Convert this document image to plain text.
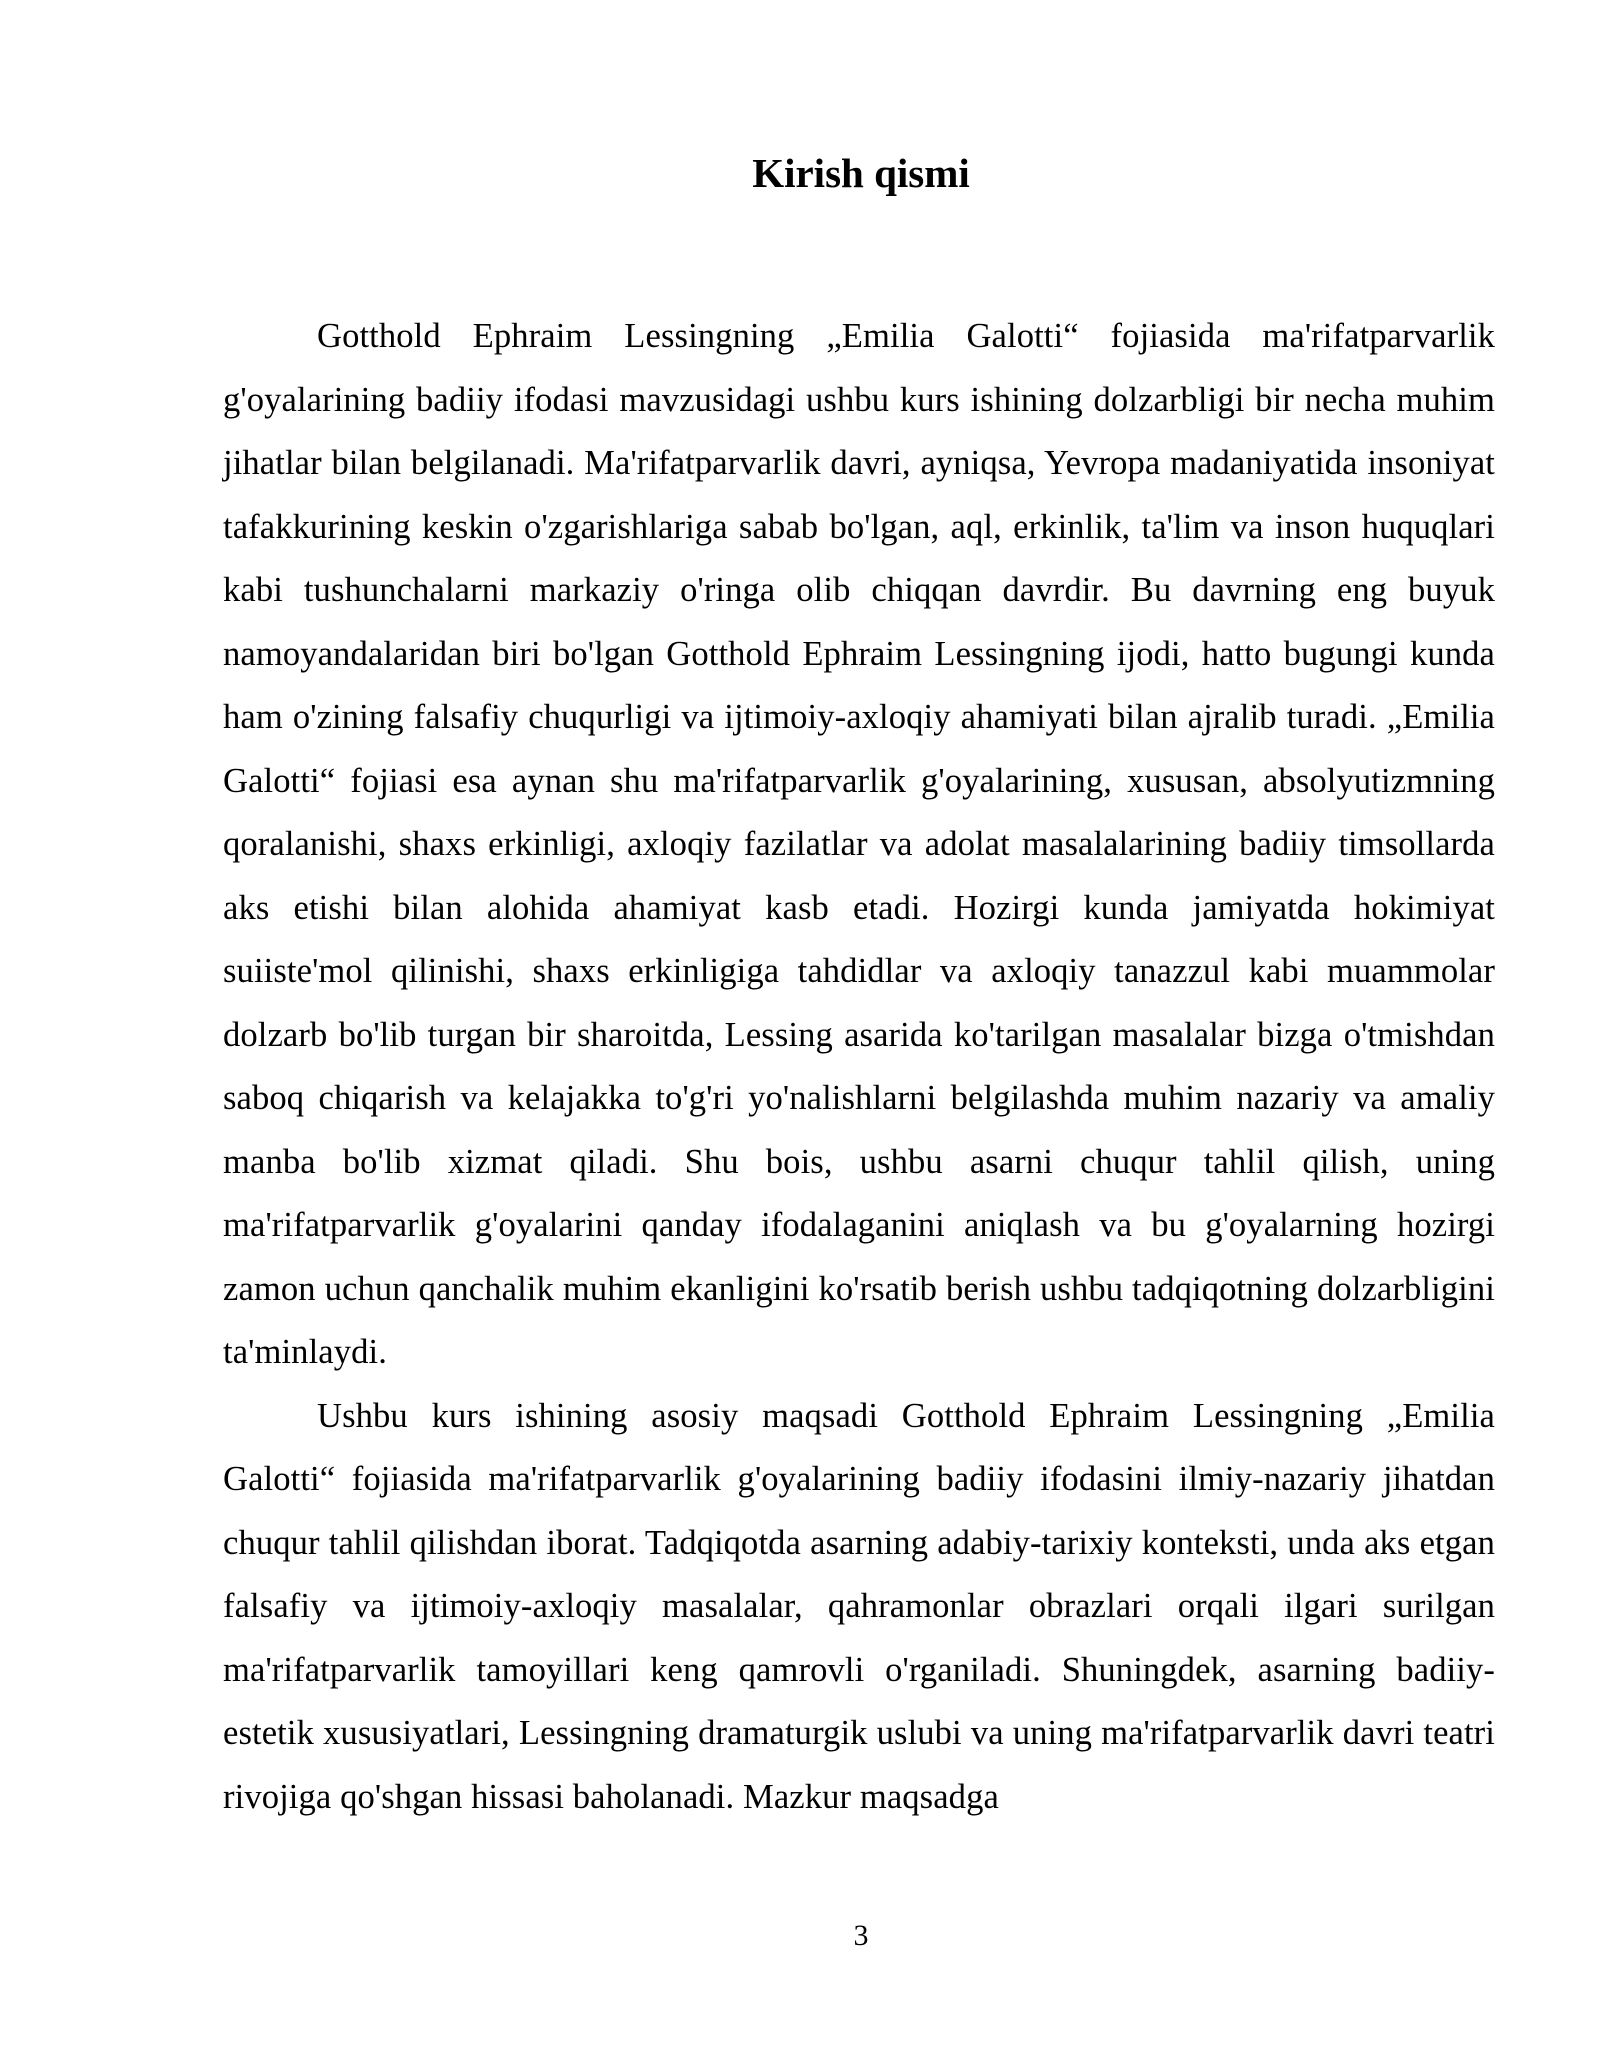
Kirish qismi

Gotthold Ephraim Lessingning „Emilia Galotti“ fojiasida ma'rifatparvarlik g'oyalarining badiiy ifodasi mavzusidagi ushbu kurs ishining dolzarbligi bir necha muhim jihatlar bilan belgilanadi. Ma'rifatparvarlik davri, ayniqsa, Yevropa madaniyatida insoniyat tafakkurining keskin o'zgarishlariga sabab bo'lgan, aql, erkinlik, ta'lim va inson huquqlari kabi tushunchalarni markaziy o'ringa olib chiqqan davrdir. Bu davrning eng buyuk namoyandalaridan biri bo'lgan Gotthold Ephraim Lessingning ijodi, hatto bugungi kunda ham o'zining falsafiy chuqurligi va ijtimoiy-axloqiy ahamiyati bilan ajralib turadi. „Emilia Galotti“ fojiasi esa aynan shu ma'rifatparvarlik g'oyalarining, xususan, absolyutizmning qoralanishi, shaxs erkinligi, axloqiy fazilatlar va adolat masalalarining badiiy timsollarda aks etishi bilan alohida ahamiyat kasb etadi. Hozirgi kunda jamiyatda hokimiyat suiiste'mol qilinishi, shaxs erkinligiga tahdidlar va axloqiy tanazzul kabi muammolar dolzarb bo'lib turgan bir sharoitda, Lessing asarida ko'tarilgan masalalar bizga o'tmishdan saboq chiqarish va kelajakka to'g'ri yo'nalishlarni belgilashda muhim nazariy va amaliy manba bo'lib xizmat qiladi. Shu bois, ushbu asarni chuqur tahlil qilish, uning ma'rifatparvarlik g'oyalarini qanday ifodalaganini aniqlash va bu g'oyalarning hozirgi zamon uchun qanchalik muhim ekanligini ko'rsatib berish ushbu tadqiqotning dolzarbligini ta'minlaydi.

Ushbu kurs ishining asosiy maqsadi Gotthold Ephraim Lessingning „Emilia Galotti“ fojiasida ma'rifatparvarlik g'oyalarining badiiy ifodasini ilmiy-nazariy jihatdan chuqur tahlil qilishdan iborat. Tadqiqotda asarning adabiy-tarixiy konteksti, unda aks etgan falsafiy va ijtimoiy-axloqiy masalalar, qahramonlar obrazlari orqali ilgari surilgan ma'rifatparvarlik tamoyillari keng qamrovli o'rganiladi. Shuningdek, asarning badiiy-estetik xususiyatlari, Lessingning dramaturgik uslubi va uning ma'rifatparvarlik davri teatri rivojiga qo'shgan hissasi baholanadi. Mazkur maqsadga

3
